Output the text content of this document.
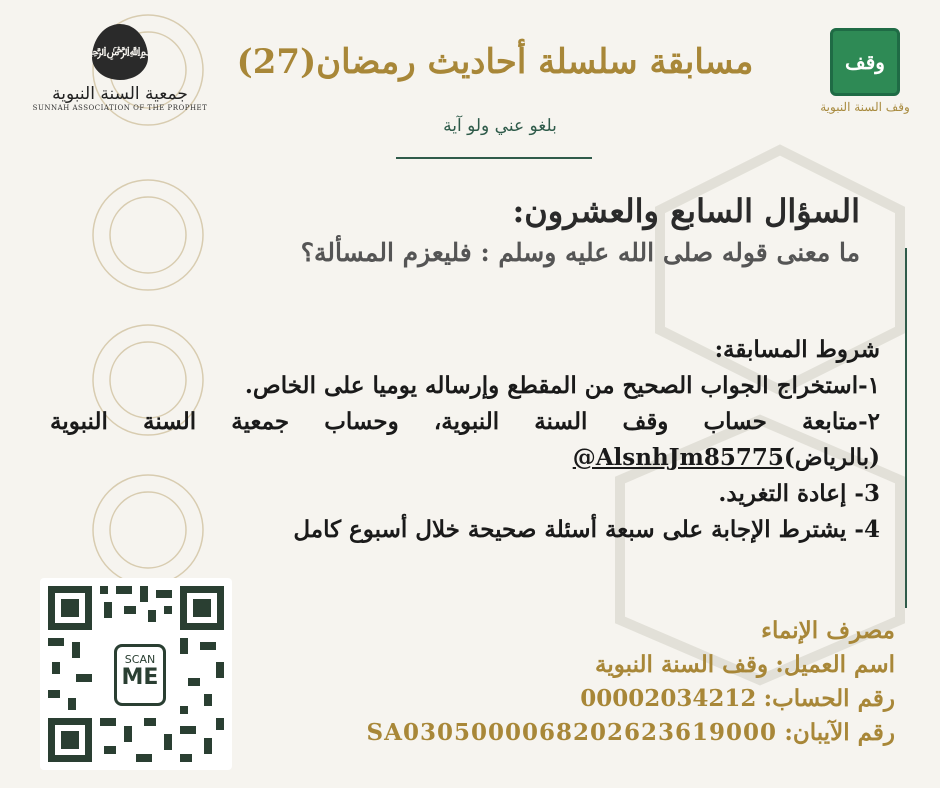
﷽
جمعية السنة النبوية
SUNNAH ASSOCIATION OF THE PROPHET
وقف
وقف السنة النبوية
مسابقة سلسلة أحاديث رمضان(27)
بلغو عني ولو آية
السؤال السابع والعشرون:
ما معنى قوله صلى الله عليه وسلم : فليعزم المسألة؟
شروط المسابقة:
١-استخراج الجواب الصحيح من المقطع وإرساله يوميا على الخاص.
٢-متابعة حساب وقف السنة النبوية، وحساب جمعية السنة النبوية
(بالرياض)@AlsnhJm85775
3- إعادة التغريد.
4- يشترط الإجابة على سبعة أسئلة صحيحة خلال أسبوع كامل
مصرف الإنماء
اسم العميل: وقف السنة النبوية
رقم الحساب: 00002034212
رقم الآيبان: SA0305000068202623619000
SCAN
ME
